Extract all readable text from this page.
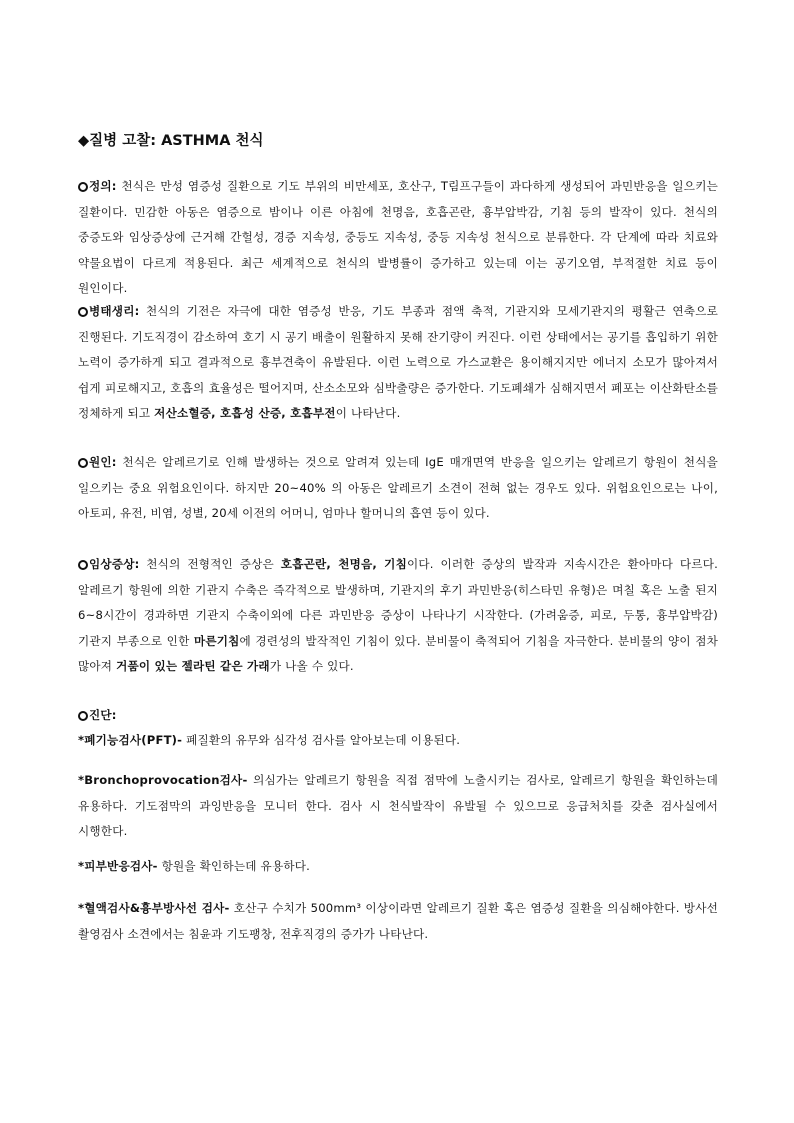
◆질병 고찰: ASTHMA 천식

정의: 천식은 만성 염증성 질환으로 기도 부위의 비만세포, 호산구, T림프구들이 과다하게 생성되어 과민반응을 일으키는 질환이다. 민감한 아동은 염증으로 밤이나 이른 아침에 천명음, 호흡곤란, 흉부압박감, 기침 등의 발작이 있다. 천식의 중증도와 임상증상에 근거해 간헐성, 경증 지속성, 중등도 지속성, 중등 지속성 천식으로 분류한다. 각 단계에 따라 치료와 약물요법이 다르게 적용된다. 최근 세계적으로 천식의 발병률이 증가하고 있는데 이는 공기오염, 부적절한 치료 등이 원인이다.

병태생리: 천식의 기전은 자극에 대한 염증성 반응, 기도 부종과 점액 축적, 기관지와 모세기관지의 평활근 연축으로 진행된다. 기도직경이 감소하여 호기 시 공기 배출이 원활하지 못해 잔기량이 커진다. 이런 상태에서는 공기를 흡입하기 위한 노력이 증가하게 되고 결과적으로 흉부견축이 유발된다. 이런 노력으로 가스교환은 용이해지지만 에너지 소모가 많아져서 쉽게 피로해지고, 호흡의 효율성은 떨어지며, 산소소모와 심박출량은 증가한다. 기도폐쇄가 심해지면서 폐포는 이산화탄소를 정체하게 되고 저산소혈증, 호흡성 산증, 호흡부전이 나타난다.

원인: 천식은 알레르기로 인해 발생하는 것으로 알려져 있는데 IgE 매개면역 반응을 일으키는 알레르기 항원이 천식을 일으키는 중요 위험요인이다. 하지만 20~40% 의 아동은 알레르기 소견이 전혀 없는 경우도 있다. 위험요인으로는 나이, 아토피, 유전, 비염, 성별, 20세 이전의 어머니, 엄마나 할머니의 흡연 등이 있다.

임상증상: 천식의 전형적인 증상은 호흡곤란, 천명음, 기침이다. 이러한 증상의 발작과 지속시간은 환아마다 다르다. 알레르기 항원에 의한 기관지 수축은 즉각적으로 발생하며, 기관지의 후기 과민반응(히스타민 유형)은 며칠 혹은 노출 된지 6~8시간이 경과하면 기관지 수축이외에 다른 과민반응 증상이 나타나기 시작한다. (가려움증, 피로, 두통, 흉부압박감) 기관지 부종으로 인한 마른기침에 경련성의 발작적인 기침이 있다. 분비물이 축적되어 기침을 자극한다. 분비물의 양이 점차 많아져 거품이 있는 젤라틴 같은 가래가 나올 수 있다.

진단:

*폐기능검사(PFT)- 폐질환의 유무와 심각성 검사를 알아보는데 이용된다.

*Bronchoprovocation검사- 의심가는 알레르기 항원을 직접 점막에 노출시키는 검사로, 알레르기 항원을 확인하는데 유용하다. 기도점막의 과잉반응을 모니터 한다. 검사 시 천식발작이 유발될 수 있으므로 응급처치를 갖춘 검사실에서 시행한다.

*피부반응검사- 항원을 확인하는데 유용하다.

*혈액검사&흉부방사선 검사- 호산구 수치가 500mm³ 이상이라면 알레르기 질환 혹은 염증성 질환을 의심해야한다. 방사선 촬영검사 소견에서는 침윤과 기도팽창, 전후직경의 증가가 나타난다.
